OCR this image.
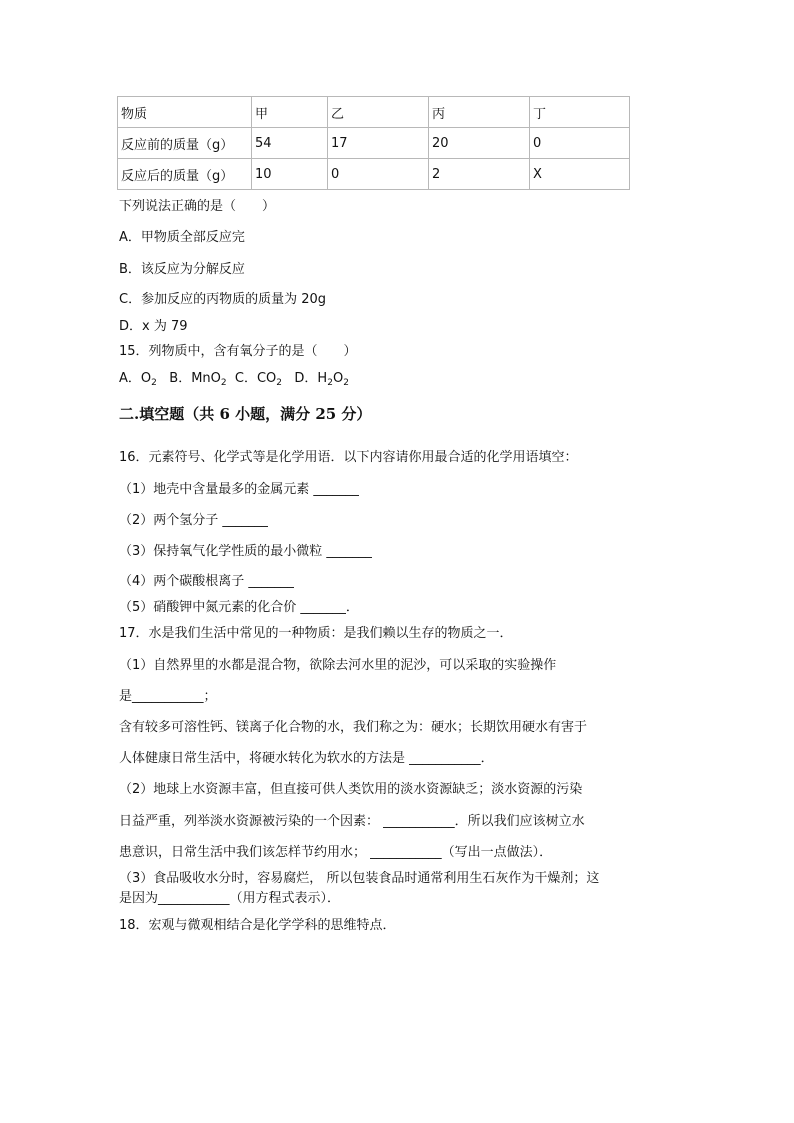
物质	甲	乙	丙	丁
反应前的质量（g）	54	17	20	0
反应后的质量（g）	10	0	2	X
下列说法正确的是（　　）
A．甲物质全部反应完
B．该反应为分解反应
C．参加反应的丙物质的质量为 20g
D．x 为 79
15．列物质中，含有氧分子的是（　　）
A．$O_2$ B．MnO$_2$ C．$CO_2$ D．$H_2O_2$
二.填空题（共 6 小题，满分 25 分）
16．元素符号、化学式等是化学用语．以下内容请你用最合适的化学用语填空：
（1）地壳中含量最多的金属元素 _______
（2）两个氢分子 _______
（3）保持氧气化学性质的最小微粒 _______
（4）两个碳酸根离子 _______
（5）硝酸钾中氮元素的化合价 _______．
17．水是我们生活中常见的一种物质：是我们赖以生存的物质之一．
（1）自然界里的水都是混合物，欲除去河水里的泥沙，可以采取的实验操作
是___________；
含有较多可溶性钙、镁离子化合物的水，我们称之为：硬水；长期饮用硬水有害于
人体健康日常生活中，将硬水转化为软水的方法是 ___________．
（2）地球上水资源丰富，但直接可供人类饮用的淡水资源缺乏；淡水资源的污染
日益严重，列举淡水资源被污染的一个因素： ___________．所以我们应该树立水
患意识，日常生活中我们该怎样节约用水； ___________（写出一点做法）．
（3）食品吸收水分时，容易腐烂， 所以包装食品时通常利用生石灰作为干燥剂；这
是因为___________（用方程式表示）．
18．宏观与微观相结合是化学学科的思维特点．
